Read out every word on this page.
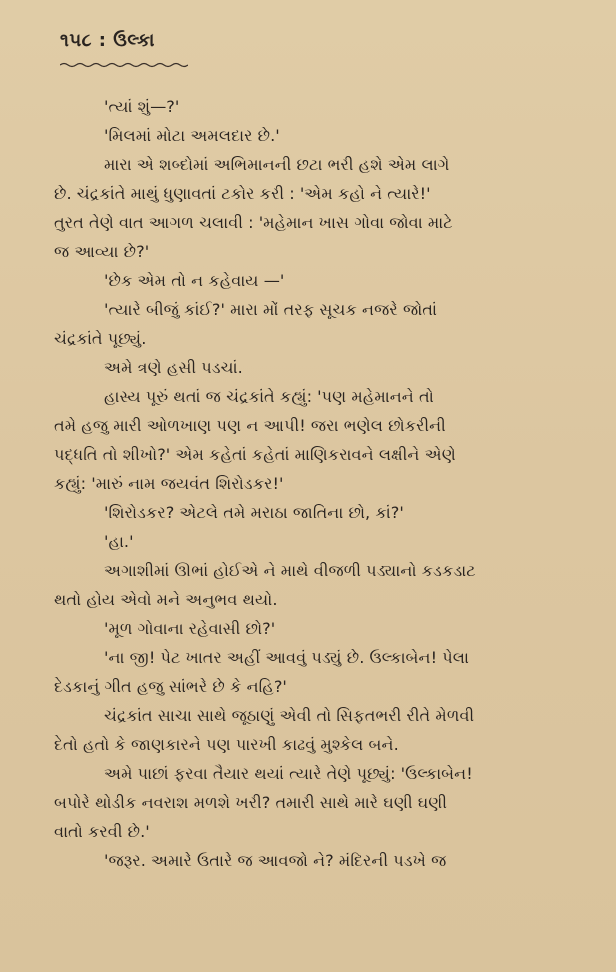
૧૫૮ : ઉલ્કા
'ત્યાં શું—?'
'મિલમાં મોટા અમલદાર છે.'
મારા એ શબ્દોમાં અભિમાનની છટા ભરી હશે એમ લાગે
છે. ચંદ્રકાંતે માથું ધુણાવતાં ટકોર કરી : 'એમ કહો ને ત્યારે!'
તુરત તેણે વાત આગળ ચલાવી : 'મહેમાન ખાસ ગોવા જોવા માટે
જ આવ્યા છે?'
'છેક એમ તો ન કહેવાય —'
'ત્યારે બીજું કાંઈ?' મારા મોં તરફ સૂચક નજરે જોતાં
ચંદ્રકાંતે પૂછ્યું.
અમે ત્રણે હસી પડચાં.
હાસ્ય પૂરું થતાં જ ચંદ્રકાંતે કહ્યું: 'પણ મહેમાનને તો
તમે હજુ મારી ઓળખાણ પણ ન આપી! જરા ભણેલ છોકરીની
પદ્ધતિ તો શીખો?' એમ કહેતાં કહેતાં માણિકરાવને લક્ષીને એણે
કહ્યું: 'મારું નામ જયવંત શિરોડકર!'
'શિરોડકર? એટલે તમે મરાઠા જાતિના છો, કાં?'
'હા.'
અગાશીમાં ઊભાં હોઈએ ને માથે વીજળી પડ્યાનો કડકડાટ
થતો હોય એવો મને અનુભવ થયો.
'મૂળ ગોવાના રહેવાસી છો?'
'ના જી! પેટ ખાતર અહીં આવવું પડ્યું છે. ઉલ્કાબેન! પેલા
દેડકાનું ગીત હજુ સાંભરે છે કે નહિ?'
ચંદ્રકાંત સાચા સાથે જૂઠાણું એવી તો સિફતભરી રીતે મેળવી
દેતો હતો કે જાણકારને પણ પારખી કાઢવું મુશ્કેલ બને.
અમે પાછાં ફરવા તૈયાર થયાં ત્યારે તેણે પૂછ્યું: 'ઉલ્કાબેન!
બપોરે થોડીક નવરાશ મળશે ખરી? તમારી સાથે મારે ઘણી ઘણી
વાતો કરવી છે.'
'જરૂર. અમારે ઉતારે જ આવજો ને? મંદિરની પડખે જ
